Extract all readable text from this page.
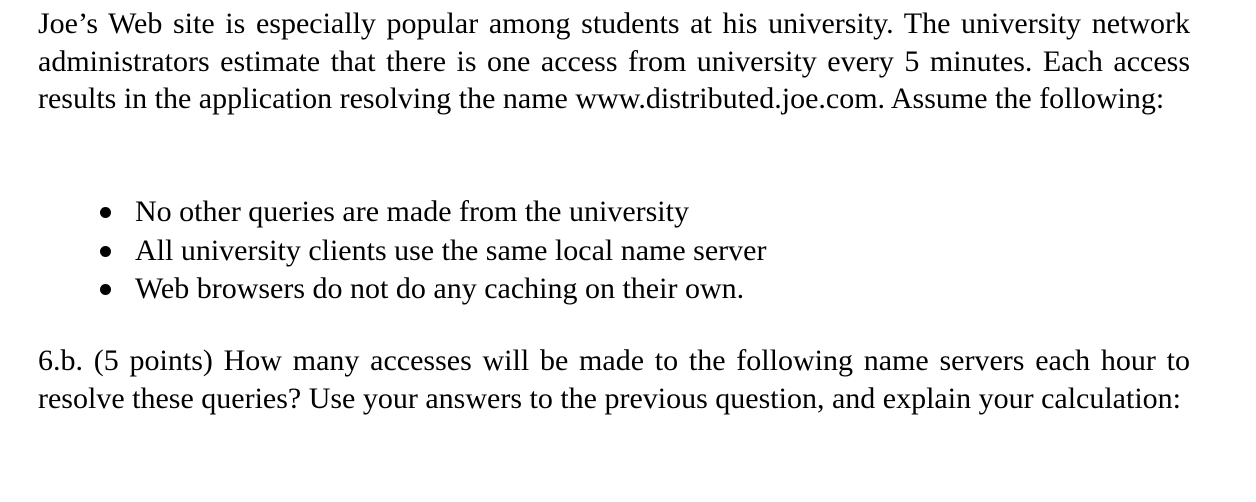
Joe’s Web site is especially popular among students at his university. The university network administrators estimate that there is one access from university every 5 minutes. Each access results in the application resolving the name www.distributed.joe.com. Assume the following:

No other queries are made from the university
All university clients use the same local name server
Web browsers do not do any caching on their own.

6.b. (5 points) How many accesses will be made to the following name servers each hour to resolve these queries? Use your answers to the previous question, and explain your calculation:
